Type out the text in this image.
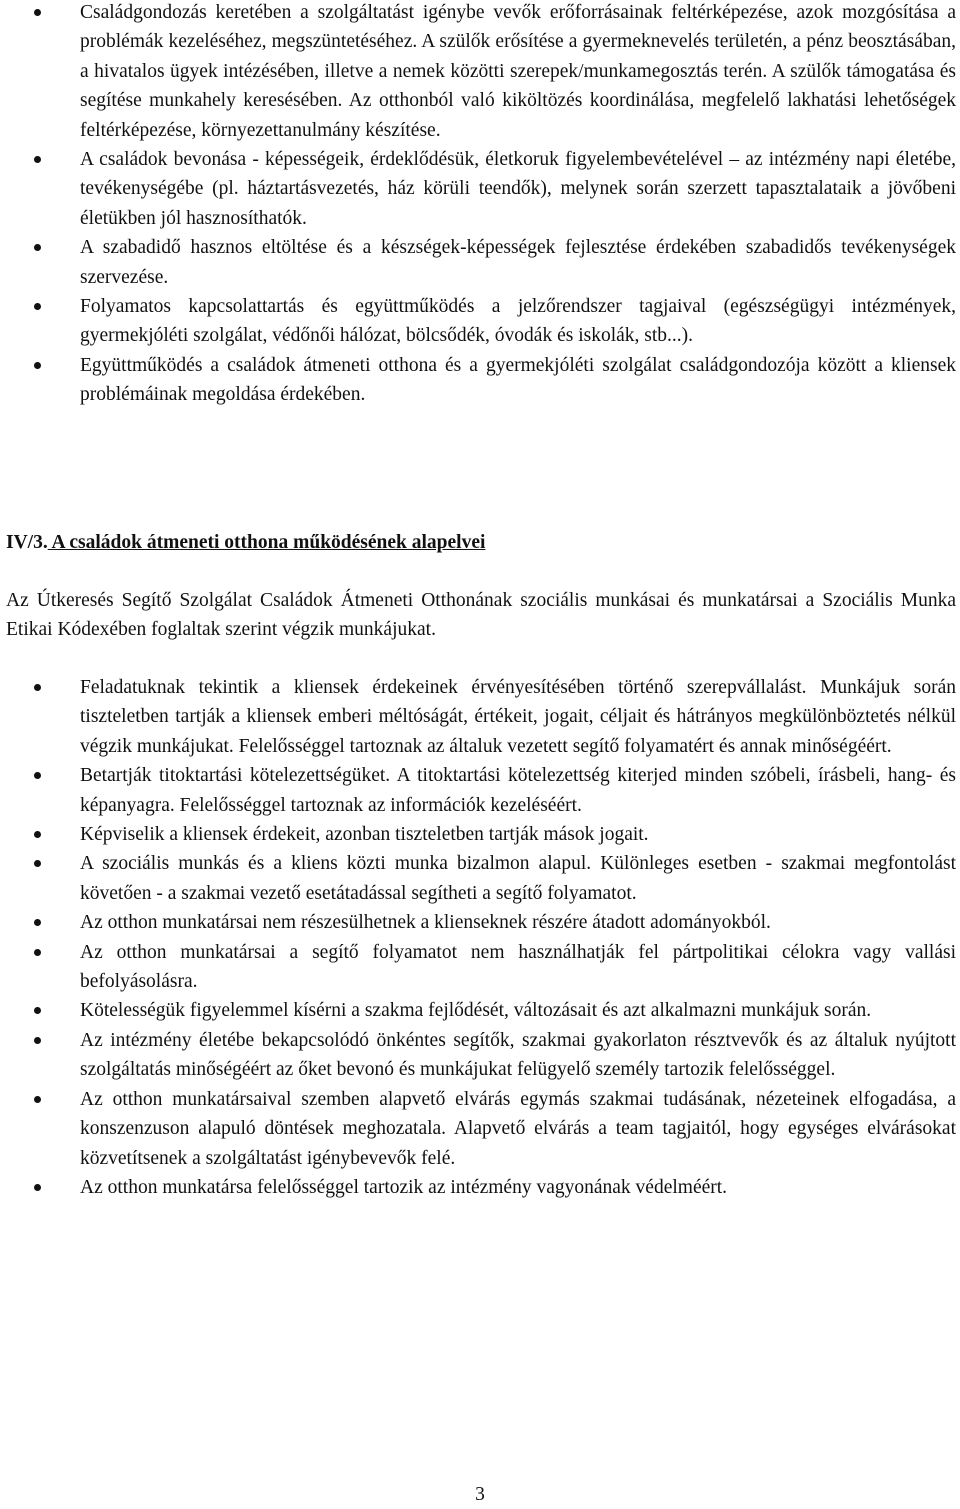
Családgondozás keretében a szolgáltatást igénybe vevők erőforrásainak feltérképezése, azok mozgósítása a problémák kezeléséhez, megszüntetéséhez. A szülők erősítése a gyermeknevelés területén, a pénz beosztásában, a hivatalos ügyek intézésében, illetve a nemek közötti szerepek/munkamegosztás terén. A szülők támogatása és segítése munkahely keresésében. Az otthonból való kiköltözés koordinálása, megfelelő lakhatási lehetőségek feltérképezése, környezettanulmány készítése.
A családok bevonása - képességeik, érdeklődésük, életkoruk figyelembevételével – az intézmény napi életébe, tevékenységébe (pl. háztartásvezetés, ház körüli teendők), melynek során szerzett tapasztalataik a jövőbeni életükben jól hasznosíthatók.
A szabadidő hasznos eltöltése és a készségek-képességek fejlesztése érdekében szabadidős tevékenységek szervezése.
Folyamatos kapcsolattartás és együttműködés a jelzőrendszer tagjaival (egészségügyi intézmények, gyermekjóléti szolgálat, védőnői hálózat, bölcsődék, óvodák és iskolák, stb...).
Együttműködés a családok átmeneti otthona és a gyermekjóléti szolgálat családgondozója között a kliensek problémáinak megoldása érdekében.
IV/3. A családok átmeneti otthona működésének alapelvei
Az Útkeresés Segítő Szolgálat Családok Átmeneti Otthonának szociális munkásai és munkatársai a Szociális Munka Etikai Kódexében foglaltak szerint végzik munkájukat.
Feladatuknak tekintik a kliensek érdekeinek érvényesítésében történő szerepvállalást. Munkájuk során tiszteletben tartják a kliensek emberi méltóságát, értékeit, jogait, céljait és hátrányos megkülönböztetés nélkül végzik munkájukat. Felelősséggel tartoznak az általuk vezetett segítő folyamatért és annak minőségéért.
Betartják titoktartási kötelezettségüket. A titoktartási kötelezettség kiterjed minden szóbeli, írásbeli, hang- és képanyagra. Felelősséggel tartoznak az információk kezeléséért.
Képviselik a kliensek érdekeit, azonban tiszteletben tartják mások jogait.
A szociális munkás és a kliens közti munka bizalmon alapul. Különleges esetben - szakmai megfontolást követően - a szakmai vezető esetátadással segítheti a segítő folyamatot.
Az otthon munkatársai nem részesülhetnek a klienseknek részére átadott adományokból.
Az otthon munkatársai a segítő folyamatot nem használhatják fel pártpolitikai célokra vagy vallási befolyásolásra.
Kötelességük figyelemmel kísérni a szakma fejlődését, változásait és azt alkalmazni munkájuk során.
Az intézmény életébe bekapcsolódó önkéntes segítők, szakmai gyakorlaton résztvevők és az általuk nyújtott szolgáltatás minőségéért az őket bevonó és munkájukat felügyelő személy tartozik felelősséggel.
Az otthon munkatársaival szemben alapvető elvárás egymás szakmai tudásának, nézeteinek elfogadása, a konszenzuson alapuló döntések meghozatala. Alapvető elvárás a team tagjaitól, hogy egységes elvárásokat közvetítsenek a szolgáltatást igénybevevők felé.
Az otthon munkatársa felelősséggel tartozik az intézmény vagyonának védelméért.
3
